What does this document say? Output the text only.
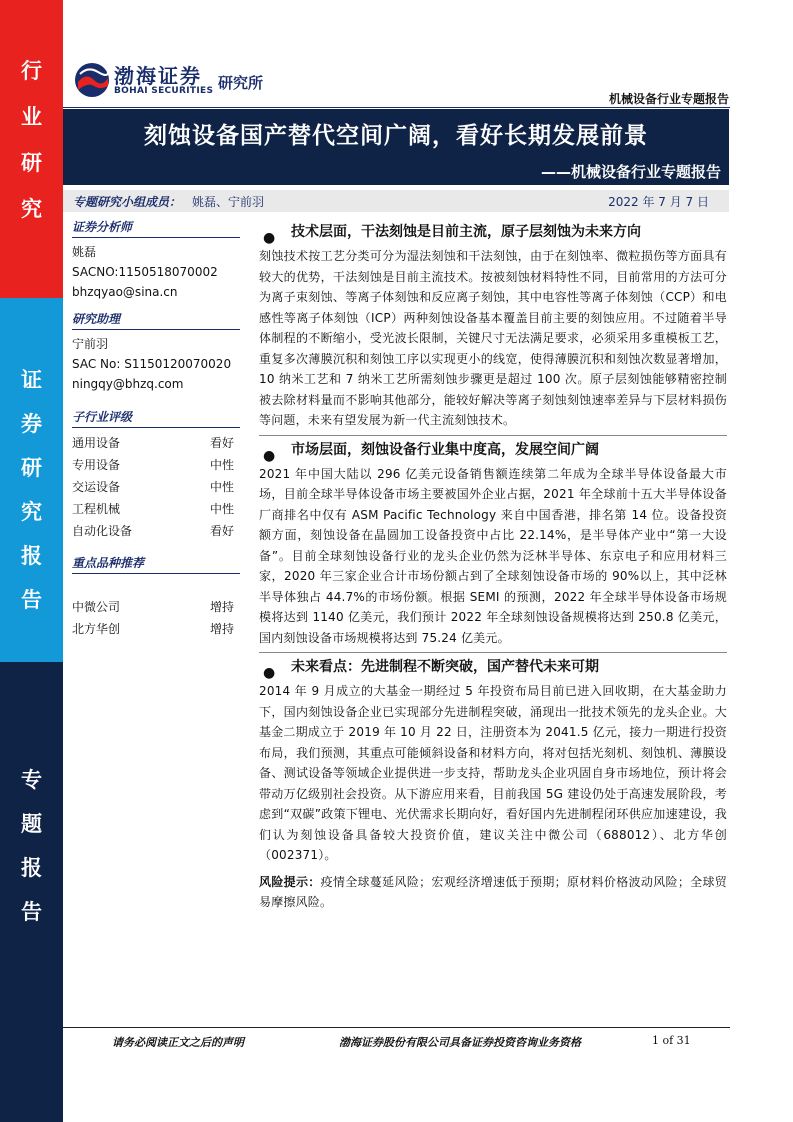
行
业
研
究
证
券
研
究
报
告
专
题
报
告
渤海证券
BOHAI SECURITIES 研究所
机械设备行业专题报告
刻蚀设备国产替代空间广阔，看好长期发展前景
——机械设备行业专题报告
专题研究小组成员： 姚磊、宁前羽	2022 年 7 月 7 日
证券分析师
姚磊
SACNO:1150518070002
bhzqyao@sina.cn
研究助理
宁前羽
SAC No: S1150120070020
ningqy@bhzq.com
子行业评级
通用设备	看好
专用设备	中性
交运设备	中性
工程机械	中性
自动化设备	看好
重点品种推荐
中微公司	增持
北方华创	增持
● 技术层面，干法刻蚀是目前主流，原子层刻蚀为未来方向
刻蚀技术按工艺分类可分为湿法刻蚀和干法刻蚀，由于在刻蚀率、微粒损伤等方面具有较大的优势，干法刻蚀是目前主流技术。按被刻蚀材料特性不同，目前常用的方法可分为离子束刻蚀、等离子体刻蚀和反应离子刻蚀，其中电容性等离子体刻蚀（CCP）和电感性等离子体刻蚀（ICP）两种刻蚀设备基本覆盖目前主要的刻蚀应用。不过随着半导体制程的不断缩小，受光波长限制，关键尺寸无法满足要求，必须采用多重模板工艺，重复多次薄膜沉积和刻蚀工序以实现更小的线宽，使得薄膜沉积和刻蚀次数显著增加，10 纳米工艺和 7 纳米工艺所需刻蚀步骤更是超过 100 次。原子层刻蚀能够精密控制被去除材料量而不影响其他部分，能较好解决等离子刻蚀刻蚀速率差异与下层材料损伤等问题，未来有望发展为新一代主流刻蚀技术。
● 市场层面，刻蚀设备行业集中度高，发展空间广阔
2021 年中国大陆以 296 亿美元设备销售额连续第二年成为全球半导体设备最大市场，目前全球半导体设备市场主要被国外企业占据，2021 年全球前十五大半导体设备厂商排名中仅有 ASM Pacific Technology 来自中国香港，排名第 14 位。设备投资额方面，刻蚀设备在晶圆加工设备投资中占比 22.14%，是半导体产业中“第一大设备”。目前全球刻蚀设备行业的龙头企业仍然为泛林半导体、东京电子和应用材料三家，2020 年三家企业合计市场份额占到了全球刻蚀设备市场的 90%以上，其中泛林半导体独占 44.7%的市场份额。根据 SEMI 的预测，2022 年全球半导体设备市场规模将达到 1140 亿美元，我们预计 2022 年全球刻蚀设备规模将达到 250.8 亿美元，国内刻蚀设备市场规模将达到 75.24 亿美元。
● 未来看点：先进制程不断突破，国产替代未来可期
2014 年 9 月成立的大基金一期经过 5 年投资布局目前已进入回收期，在大基金助力下，国内刻蚀设备企业已实现部分先进制程突破，涌现出一批技术领先的龙头企业。大基金二期成立于 2019 年 10 月 22 日，注册资本为 2041.5 亿元，接力一期进行投资布局，我们预测，其重点可能倾斜设备和材料方向，将对包括光刻机、刻蚀机、薄膜设备、测试设备等领域企业提供进一步支持，帮助龙头企业巩固自身市场地位，预计将会带动万亿级别社会投资。从下游应用来看，目前我国 5G 建设仍处于高速发展阶段，考虑到“双碳”政策下锂电、光伏需求长期向好，看好国内先进制程闭环供应加速建设，我们认为刻蚀设备具备较大投资价值，建议关注中微公司（688012）、北方华创（002371）。
风险提示：疫情全球蔓延风险；宏观经济增速低于预期；原材料价格波动风险；全球贸易摩擦风险。
请务必阅读正文之后的声明	渤海证券股份有限公司具备证券投资咨询业务资格	1 of 31
